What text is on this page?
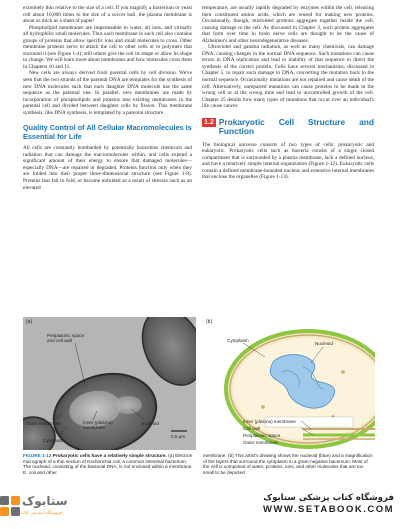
extremely thin relative to the size of a cell. If you magnify a bacterium or yeast cell about 10,000 times to the size of a soccer ball, the plasma membrane is about as thick as a sheet of paper!

Phospholipid membranes are impermeable to water, all ions, and virtually all hydrophilic small molecules. Thus each membrane in each cell also contains groups of proteins that allow specific ions and small molecules to cross. Other membrane proteins serve to attach the cell to other cells or to polymers that surround it (see Figure 1-4); still others give the cell its shape or allow its shape to change. We will learn more about membranes and how molecules cross them in Chapters 10 and 11.

New cells are always derived from parental cells by cell division. We've seen that the two strands of the parental DNA are templates for the synthesis of new DNA molecules such that each daughter DNA molecule has the same sequence as the parental one. In parallel, new membranes are made by incorporation of phospholipids and proteins into existing membranes in the parental cell and divided between daughter cells by fission. This membrane synthesis, like DNA synthesis, is templated by a parental structure.

Quality Control of All Cellular Macromolecules Is Essential for Life

All cells are constantly bombarded by potentially hazardous chemicals and radiation that can damage the macromolecules within, and cells expend a significant amount of their energy to ensure that damaged molecules—especially DNA—are repaired or degraded. Proteins function only when they are folded into their proper three-dimensional structure (see Figure 1-8). Proteins that fail to fold, or become unfolded as a result of stresses such as an elevated

temperature, are usually rapidly degraded by enzymes within the cell, releasing their constituent amino acids, which are reused for making new proteins. Occasionally, though, misfolded proteins aggregate together inside the cell, causing damage to the cell. As discussed in Chapter 3, such protein aggregates that form over time in brain nerve cells are thought to be the cause of Alzheimer's and other neurodegenerative diseases.

Ultraviolet and gamma radiation, as well as many chemicals, can damage DNA, causing changes in the normal DNA sequence. Such mutations can cause errors in DNA replication and lead to inability of that sequence to direct the synthesis of the correct protein. Cells have several mechanisms, discussed in Chapter 5, to repair such damage to DNA, converting the mutation back to the normal sequence. Occasionally mutations are not repaired and cause death of the cell. Alternatively, unrepaired mutations can cause proteins to be made in the wrong cell or at the wrong time and lead to uncontrolled growth of the cell. Chapter 25 details how many types of mutations that occur over an individual's life cause cancer.

1.2 Prokaryotic Cell Structure and Function

The biological universe consists of two types of cells: prokaryotic and eukaryotic. Prokaryotic cells such as bacteria consist of a single closed compartment that is surrounded by a plasma membrane, lack a defined nucleus, and have a relatively simple internal organization (Figure 1-12). Eukaryotic cells contain a defined membrane-bounded nucleus and extensive internal membranes that enclose the organelles (Figure 1-13).

(a)
Periplasmic space
and cell wall
Outer membrane	Inner (plasma)
membrane
Nucleoid
Cytoplasm
0.5 μm
(b)
Cytoplasm
Nucleoid
Inner (plasma) membrane
Cell wall
Periplasmic space
Outer membrane
FIGURE 1-12 Prokaryotic cells have a relatively simple structure. (a) Electron micrograph of a thin section of Escherichia coli, a common intestinal bacterium. The nucleoid, consisting of the bacterial DNA, is not enclosed within a membrane. E. coli and other
membrane. (b) This artist's drawing shows the nucleoid (blue) and a magnification of the layers that surround the cytoplasm in a gram-negative bacterium. Most of the cell is composed of water, proteins, ions, and other molecules that are too small to be depicted
ستابوک
فروشگاه اینترنتی کتاب
فروشگاه کتاب پزشکی ستابوک
WWW.SETABOOK.COM
